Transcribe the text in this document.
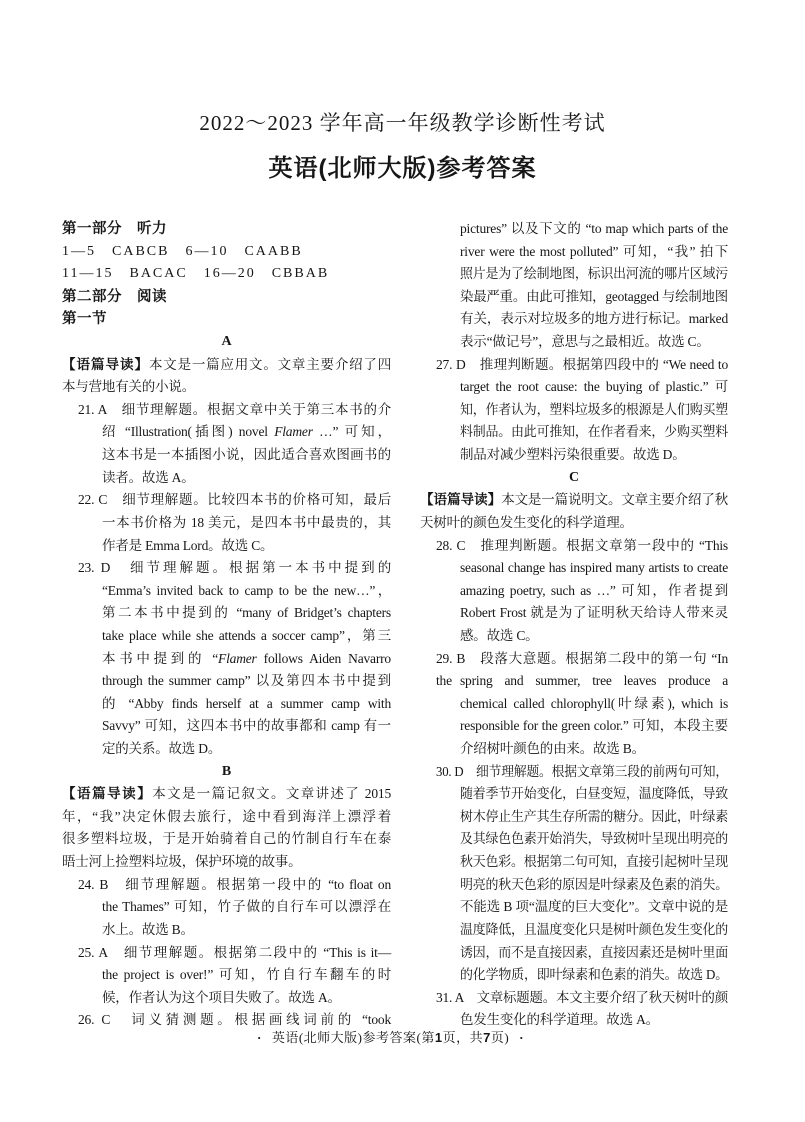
2022～2023 学年高一年级教学诊断性考试
英语(北师大版)参考答案
第一部分　听力
1—5　CABCB　6—10　CAABB
11—15　BACAC　16—20　CBBAB
第二部分　阅读
第一节
A
【语篇导读】本文是一篇应用文。文章主要介绍了四
本与营地有关的小说。
21. A　细节理解题。根据文章中关于第三本书的介
绍 “Illustration(插图) novel Flamer …” 可知，
这本书是一本插图小说，因此适合喜欢图画书的
读者。故选 A。
22. C　细节理解题。比较四本书的价格可知，最后
一本书价格为 18 美元，是四本书中最贵的，其
作者是 Emma Lord。故选 C。
23. D　细节理解题。根据第一本书中提到的
“Emma’s invited back to camp to be the new…”，
第二本书中提到的 “many of Bridget’s chapters
take place while she attends a soccer camp”，第三
本书中提到的 “Flamer follows Aiden Navarro
through the summer camp” 以及第四本书中提到
的 “Abby finds herself at a summer camp with
Savvy” 可知，这四本书中的故事都和 camp 有一
定的关系。故选 D。
B
【语篇导读】本文是一篇记叙文。文章讲述了 2015
年，“我”决定休假去旅行，途中看到海洋上漂浮着
很多塑料垃圾，于是开始骑着自己的竹制自行车在泰
晤士河上捡塑料垃圾，保护环境的故事。
24. B　细节理解题。根据第一段中的 “to float on
the Thames” 可知，竹子做的自行车可以漂浮在
水上。故选 B。
25. A　细节理解题。根据第二段中的 “This is it—
the project is over!” 可知，竹自行车翻车的时
候，作者认为这个项目失败了。故选 A。
26. C　词义猜测题。根据画线词前的 “took
pictures” 以及下文的 “to map which parts of the
river were the most polluted” 可知，“我” 拍下
照片是为了绘制地图，标识出河流的哪片区域污
染最严重。由此可推知，geotagged 与绘制地图
有关，表示对垃圾多的地方进行标记。marked
表示“做记号”，意思与之最相近。故选 C。
27. D　推理判断题。根据第四段中的 “We need to
target the root cause: the buying of plastic.” 可
知，作者认为，塑料垃圾多的根源是人们购买塑
料制品。由此可推知，在作者看来，少购买塑料
制品对减少塑料污染很重要。故选 D。
C
【语篇导读】本文是一篇说明文。文章主要介绍了秋
天树叶的颜色发生变化的科学道理。
28. C　推理判断题。根据文章第一段中的 “This
seasonal change has inspired many artists to create
amazing poetry, such as …” 可知，作者提到
Robert Frost 就是为了证明秋天给诗人带来灵
感。故选 C。
29. B　段落大意题。根据第二段中的第一句 “In the spring and summer, tree leaves produce a
chemical called chlorophyll(叶绿素), which is
responsible for the green color.” 可知，本段主要
介绍树叶颜色的由来。故选 B。
30. D　细节理解题。根据文章第三段的前两句可知，
随着季节开始变化，白昼变短，温度降低，导致
树木停止生产其生存所需的糖分。因此，叶绿素
及其绿色色素开始消失，导致树叶呈现出明亮的
秋天色彩。根据第二句可知，直接引起树叶呈现
明亮的秋天色彩的原因是叶绿素及色素的消失。
不能选 B 项“温度的巨大变化”。文章中说的是
温度降低，且温度变化只是树叶颜色发生变化的
诱因，而不是直接因素，直接因素还是树叶里面
的化学物质，即叶绿素和色素的消失。故选 D。
31. A　文章标题题。本文主要介绍了秋天树叶的颜
色发生变化的科学道理。故选 A。
· 英语(北师大版)参考答案(第1页，共7页) ·
